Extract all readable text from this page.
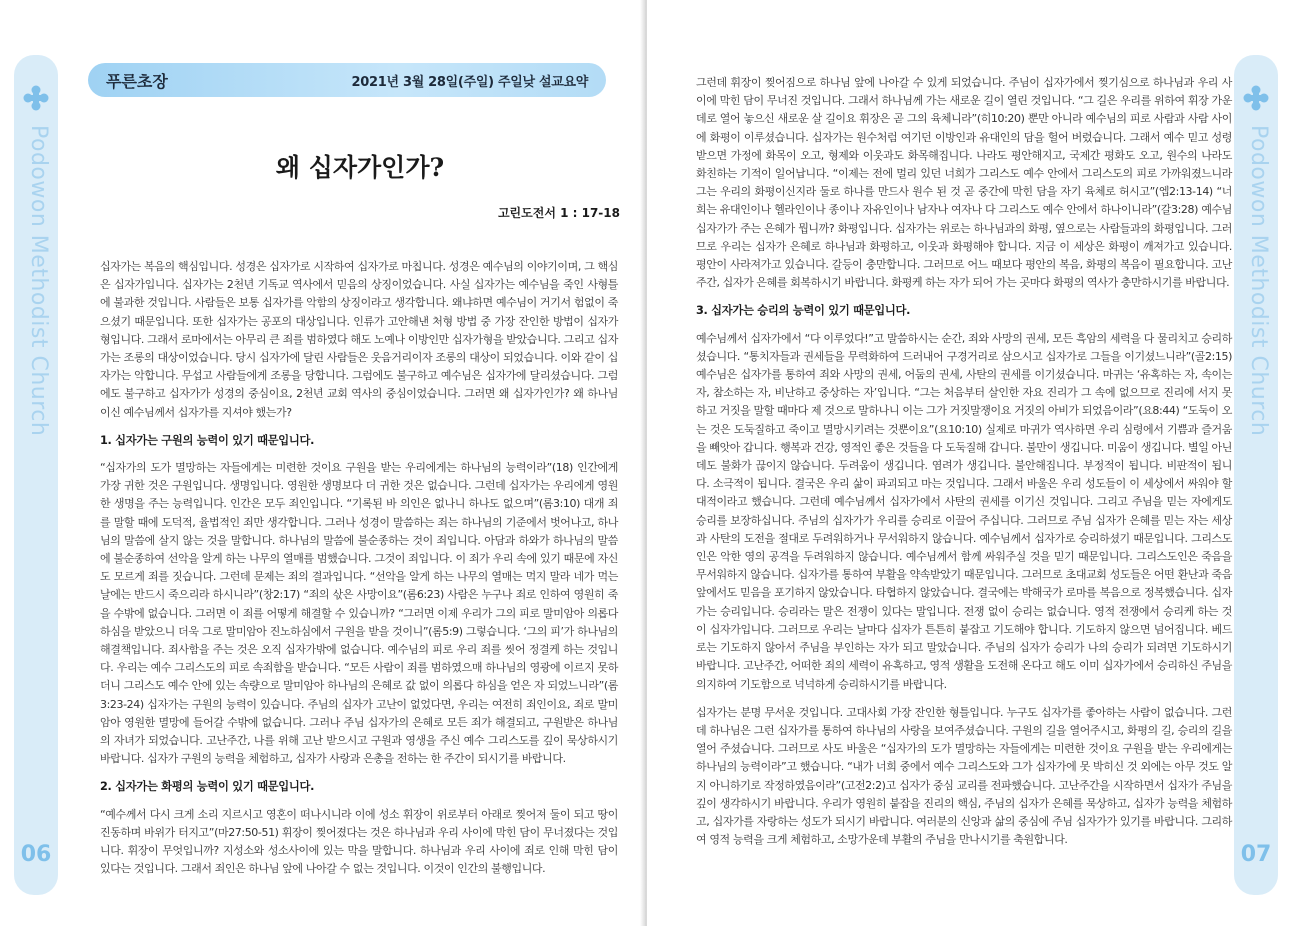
Podowon Methodist Church
06
푸른초장	2021년 3월 28일(주일) 주일낮 설교요약
왜 십자가인가?
고린도전서 1 : 17-18

십자가는 복음의 핵심입니다. 성경은 십자가로 시작하여 십자가로 마칩니다. 성경은 예수님의 이야기이며, 그 핵심은 십자가입니다. 십자가는 2천년 기독교 역사에서 믿음의 상징이었습니다. 사실 십자가는 예수님을 죽인 사형틀에 불과한 것입니다. 사람들은 보통 십자가를 악함의 상징이라고 생각합니다. 왜냐하면 예수님이 거기서 험없이 죽으셨기 때문입니다. 또한 십자가는 공포의 대상입니다. 인류가 고안해낸 처형 방법 중 가장 잔인한 방법이 십자가형입니다. 그래서 로마에서는 아무리 큰 죄를 범하였다 해도 노예나 이방인만 십자가형을 받았습니다. 그리고 십자가는 조롱의 대상이었습니다. 당시 십자가에 달린 사람들은 웃음거리이자 조롱의 대상이 되었습니다. 이와 같이 십자가는 악합니다. 무섭고 사람들에게 조롱을 당합니다. 그럼에도 불구하고 예수님은 십자가에 달리셨습니다. 그럼에도 불구하고 십자가가 성경의 중심이요, 2천년 교회 역사의 중심이었습니다. 그러면 왜 십자가인가? 왜 하나님이신 예수님께서 십자가를 지셔야 했는가?

1. 십자가는 구원의 능력이 있기 때문입니다.

“십자가의 도가 멸망하는 자들에게는 미련한 것이요 구원을 받는 우리에게는 하나님의 능력이라”(18) 인간에게 가장 귀한 것은 구원입니다. 생명입니다. 영원한 생명보다 더 귀한 것은 없습니다. 그런데 십자가는 우리에게 영원한 생명을 주는 능력입니다. 인간은 모두 죄인입니다. “기록된 바 의인은 없나니 하나도 없으며”(롬3:10) 대개 죄를 말할 때에 도덕적, 율법적인 죄만 생각합니다. 그러나 성경이 말씀하는 죄는 하나님의 기준에서 벗어나고, 하나님의 말씀에 살지 않는 것을 말합니다. 하나님의 말씀에 불순종하는 것이 죄입니다. 아담과 하와가 하나님의 말씀에 불순종하여 선악을 알게 하는 나무의 열매를 범했습니다. 그것이 죄입니다. 이 죄가 우리 속에 있기 때문에 자신도 모르게 죄를 짓습니다. 그런데 문제는 죄의 결과입니다. “선악을 알게 하는 나무의 열매는 먹지 말라 네가 먹는 날에는 반드시 죽으리라 하시니라”(창2:17) “죄의 삯은 사망이요”(롬6:23) 사람은 누구나 죄로 인하여 영원히 죽을 수밖에 없습니다. 그러면 이 죄를 어떻게 해결할 수 있습니까? “그러면 이제 우리가 그의 피로 말미암아 의롭다 하심을 받았으니 더욱 그로 말미암아 진노하심에서 구원을 받을 것이니”(롬5:9) 그렇습니다. ‘그의 피’가 하나님의 해결책입니다. 죄사함을 주는 것은 오직 십자가밖에 없습니다. 예수님의 피로 우리 죄를 씻어 정결케 하는 것입니다. 우리는 예수 그리스도의 피로 속죄함을 받습니다. “모든 사람이 죄를 범하였으매 하나님의 영광에 이르지 못하더니 그리스도 예수 안에 있는 속량으로 말미암아 하나님의 은혜로 값 없이 의롭다 하심을 얻은 자 되었느니라”(롬3:23-24) 십자가는 구원의 능력이 있습니다. 주님의 십자가 고난이 없었다면, 우리는 여전히 죄인이요, 죄로 말미암아 영원한 멸망에 들어갈 수밖에 없습니다. 그러나 주님 십자가의 은혜로 모든 죄가 해결되고, 구원받은 하나님의 자녀가 되었습니다. 고난주간, 나를 위해 고난 받으시고 구원과 영생을 주신 예수 그리스도를 깊이 묵상하시기 바랍니다. 십자가 구원의 능력을 체험하고, 십자가 사랑과 은총을 전하는 한 주간이 되시기를 바랍니다.

2. 십자가는 화평의 능력이 있기 때문입니다.

“예수께서 다시 크게 소리 지르시고 영혼이 떠나시니라 이에 성소 휘장이 위로부터 아래로 찢어져 둘이 되고 땅이 진동하며 바위가 터지고”(마27:50-51) 휘장이 찢어졌다는 것은 하나님과 우리 사이에 막힌 담이 무너졌다는 것입니다. 휘장이 무엇입니까? 지성소와 성소사이에 있는 막을 말합니다. 하나님과 우리 사이에 죄로 인해 막힌 담이 있다는 것입니다. 그래서 죄인은 하나님 앞에 나아갈 수 없는 것입니다. 이것이 인간의 불행입니다.

Podowon Methodist Church
07

그런데 휘장이 찢어짐으로 하나님 앞에 나아갈 수 있게 되었습니다. 주님이 십자가에서 찢기심으로 하나님과 우리 사이에 막힌 담이 무너진 것입니다. 그래서 하나님께 가는 새로운 길이 열린 것입니다. “그 길은 우리를 위하여 휘장 가운데로 열어 놓으신 새로운 살 길이요 휘장은 곧 그의 육체니라”(히10:20) 뿐만 아니라 예수님의 피로 사람과 사람 사이에 화평이 이루셨습니다. 십자가는 원수처럼 여기던 이방인과 유대인의 담을 헐어 버렸습니다. 그래서 예수 믿고 성령 받으면 가정에 화목이 오고, 형제와 이웃과도 화목해집니다. 나라도 평안해지고, 국제간 평화도 오고, 원수의 나라도 화친하는 기적이 일어납니다. “이제는 전에 멀리 있던 너희가 그리스도 예수 안에서 그리스도의 피로 가까워졌느니라 그는 우리의 화평이신지라 둘로 하나를 만드사 원수 된 것 곧 중간에 막힌 담을 자기 육체로 허시고”(엡2:13-14) “너희는 유대인이나 헬라인이나 종이나 자유인이나 남자나 여자나 다 그리스도 예수 안에서 하나이니라”(갈3:28) 예수님 십자가가 주는 은혜가 뭡니까? 화평입니다. 십자가는 위로는 하나님과의 화평, 옆으로는 사람들과의 화평입니다. 그러므로 우리는 십자가 은혜로 하나님과 화평하고, 이웃과 화평해야 합니다. 지금 이 세상은 화평이 깨져가고 있습니다. 평안이 사라져가고 있습니다. 갈등이 충만합니다. 그러므로 어느 때보다 평안의 복음, 화평의 복음이 필요합니다. 고난주간, 십자가 은혜를 회복하시기 바랍니다. 화평케 하는 자가 되어 가는 곳마다 화평의 역사가 충만하시기를 바랍니다.

3. 십자가는 승리의 능력이 있기 때문입니다.

예수님께서 십자가에서 “다 이루었다!”고 말씀하시는 순간, 죄와 사망의 권세, 모든 흑암의 세력을 다 물리치고 승리하셨습니다. “통치자들과 권세들을 무력화하여 드러내어 구경거리로 삼으시고 십자가로 그들을 이기셨느니라”(골2:15) 예수님은 십자가를 통하여 죄와 사망의 권세, 어둠의 권세, 사탄의 권세를 이기셨습니다. 마귀는 ‘유혹하는 자, 속이는 자, 참소하는 자, 비난하고 중상하는 자’입니다. “그는 처음부터 살인한 자요 진리가 그 속에 없으므로 진리에 서지 못하고 거짓을 말할 때마다 제 것으로 말하나니 이는 그가 거짓말쟁이요 거짓의 아비가 되었음이라”(요8:44) “도둑이 오는 것은 도둑질하고 죽이고 멸망시키려는 것뿐이요”(요10:10) 실제로 마귀가 역사하면 우리 심령에서 기쁨과 즐거움을 빼앗아 갑니다. 행복과 건강, 영적인 좋은 것들을 다 도둑질해 갑니다. 불만이 생깁니다. 미움이 생깁니다. 별일 아닌데도 불화가 끊이지 않습니다. 두려움이 생깁니다. 염려가 생깁니다. 불안해집니다. 부정적이 됩니다. 비판적이 됩니다. 소극적이 됩니다. 결국은 우리 삶이 파괴되고 마는 것입니다. 그래서 바울은 우리 성도들이 이 세상에서 싸워야 할 대적이라고 했습니다. 그런데 예수님께서 십자가에서 사탄의 권세를 이기신 것입니다. 그리고 주님을 믿는 자에게도 승리를 보장하십니다. 주님의 십자가가 우리를 승리로 이끌어 주십니다. 그러므로 주님 십자가 은혜를 믿는 자는 세상과 사탄의 도전을 절대로 두려워하거나 무서워하지 않습니다. 예수님께서 십자가로 승리하셨기 때문입니다. 그리스도인은 악한 영의 공격을 두려워하지 않습니다. 예수님께서 함께 싸워주실 것을 믿기 때문입니다. 그리스도인은 죽음을 무서워하지 않습니다. 십자가를 통하여 부활을 약속받았기 때문입니다. 그러므로 초대교회 성도들은 어떤 환난과 죽음 앞에서도 믿음을 포기하지 않았습니다. 타협하지 않았습니다. 결국에는 박해국가 로마를 복음으로 정복했습니다. 십자가는 승리입니다. 승리라는 말은 전쟁이 있다는 말입니다. 전쟁 없이 승리는 없습니다. 영적 전쟁에서 승리케 하는 것이 십자가입니다. 그러므로 우리는 날마다 십자가 튼튼히 붙잡고 기도해야 합니다. 기도하지 않으면 넘어집니다. 베드로는 기도하지 않아서 주님을 부인하는 자가 되고 말았습니다. 주님의 십자가 승리가 나의 승리가 되려면 기도하시기 바랍니다. 고난주간, 어떠한 죄의 세력이 유혹하고, 영적 생활을 도전해 온다고 해도 이미 십자가에서 승리하신 주님을 의지하여 기도함으로 넉넉하게 승리하시기를 바랍니다.

십자가는 분명 무서운 것입니다. 고대사회 가장 잔인한 형틀입니다. 누구도 십자가를 좋아하는 사람이 없습니다. 그런데 하나님은 그런 십자가를 통하여 하나님의 사랑을 보여주셨습니다. 구원의 길을 열어주시고, 화평의 길, 승리의 길을 열어 주셨습니다. 그러므로 사도 바울은 “십자가의 도가 멸망하는 자들에게는 미련한 것이요 구원을 받는 우리에게는 하나님의 능력이라”고 했습니다. “내가 너희 중에서 예수 그리스도와 그가 십자가에 못 박히신 것 외에는 아무 것도 알지 아니하기로 작정하였음이라”(고전2:2)고 십자가 중심 교리를 전파했습니다. 고난주간을 시작하면서 십자가 주님을 깊이 생각하시기 바랍니다. 우리가 영원히 붙잡을 진리의 핵심, 주님의 십자가 은혜를 묵상하고, 십자가 능력을 체험하고, 십자가를 자랑하는 성도가 되시기 바랍니다. 여러분의 신앙과 삶의 중심에 주님 십자가가 있기를 바랍니다. 그리하여 영적 능력을 크게 체험하고, 소망가운데 부활의 주님을 만나시기를 축원합니다.
